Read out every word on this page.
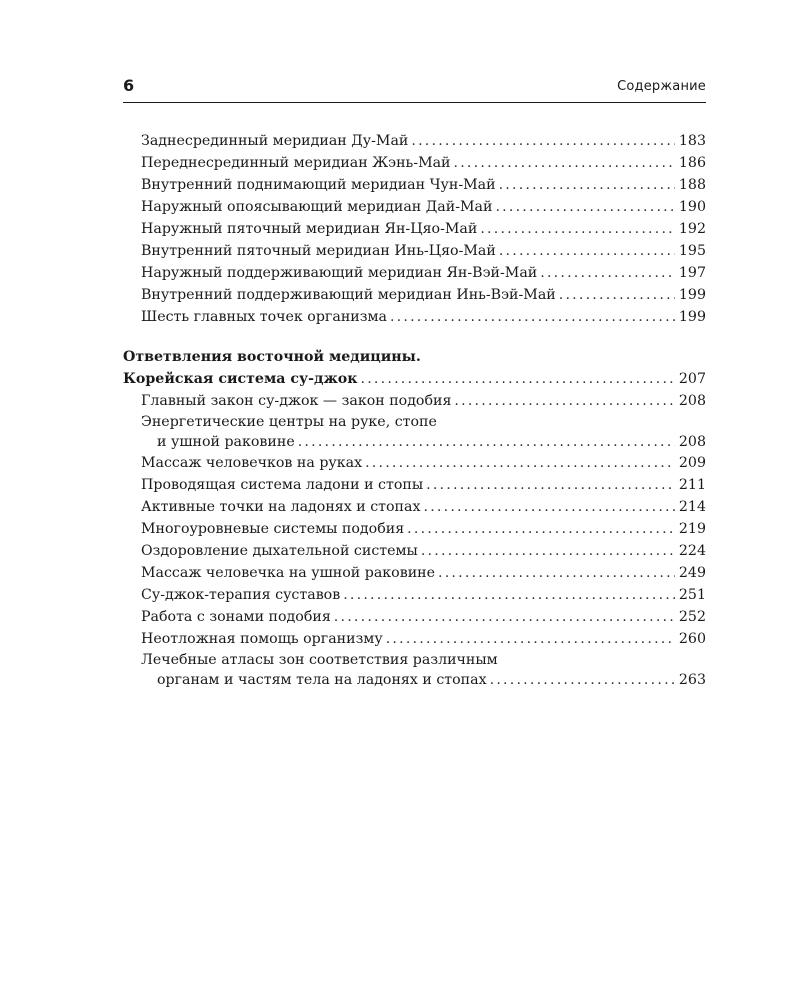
6	Содержание
Заднесрединный меридиан Ду-Май .....	183
Переднесрединный меридиан Жэнь-Май .....	186
Внутренний поднимающий меридиан Чун-Май .....	188
Наружный опоясывающий меридиан Дай-Май .....	190
Наружный пяточный меридиан Ян-Цяо-Май .....	192
Внутренний пяточный меридиан Инь-Цяо-Май .....	195
Наружный поддерживающий меридиан Ян-Вэй-Май .....	197
Внутренний поддерживающий меридиан Инь-Вэй-Май .....	199
Шесть главных точек организма .....	199
Ответвления восточной медицины.
Корейская система су-джок .....	207
Главный закон су-джок — закон подобия .....	208
Энергетические центры на руке, стопе
и ушной раковине .....	208
Массаж человечков на руках .....	209
Проводящая система ладони и стопы .....	211
Активные точки на ладонях и стопах .....	214
Многоуровневые системы подобия .....	219
Оздоровление дыхательной системы .....	224
Массаж человечка на ушной раковине .....	249
Су-джок-терапия суставов .....	251
Работа с зонами подобия .....	252
Неотложная помощь организму .....	260
Лечебные атласы зон соответствия различным
органам и частям тела на ладонях и стопах .....	263
